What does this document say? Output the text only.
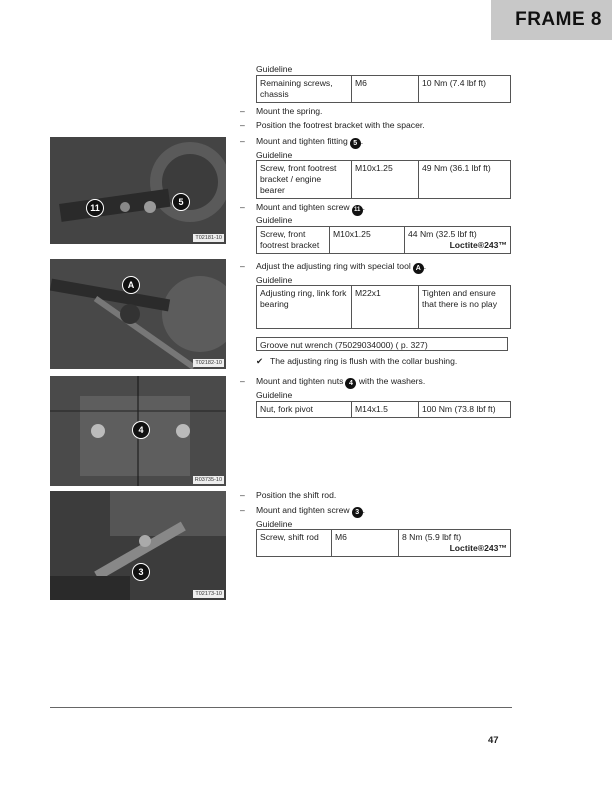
FRAME 8
11
5
T02181-10
A
T02182-10
4
R03735-10
3
T02173-10
Guideline
Remaining screws, chassis	M6	10 Nm (7.4 lbf ft)
– Mount the spring.
– Position the footrest bracket with the spacer.
– Mount and tighten fitting 5 .
Guideline
Screw, front footrest bracket / engine bearer	M10x1.25	49 Nm (36.1 lbf ft)
– Mount and tighten screw 11 .
Guideline
Screw, front footrest bracket	M10x1.25	44 Nm (32.5 lbf ft)
Loctite®243™
– Adjust the adjusting ring with special tool A .
Guideline
Adjusting ring, link fork bearing	M22x1	Tighten and ensure that there is no play
Groove nut wrench (75029034000) ( p. 327)
✔ The adjusting ring is flush with the collar bushing.
– Mount and tighten nuts 4 with the washers.
Guideline
Nut, fork pivot	M14x1.5	100 Nm (73.8 lbf ft)
– Position the shift rod.
– Mount and tighten screw 3 .
Guideline
Screw, shift rod	M6	8 Nm (5.9 lbf ft)
Loctite®243™
47
